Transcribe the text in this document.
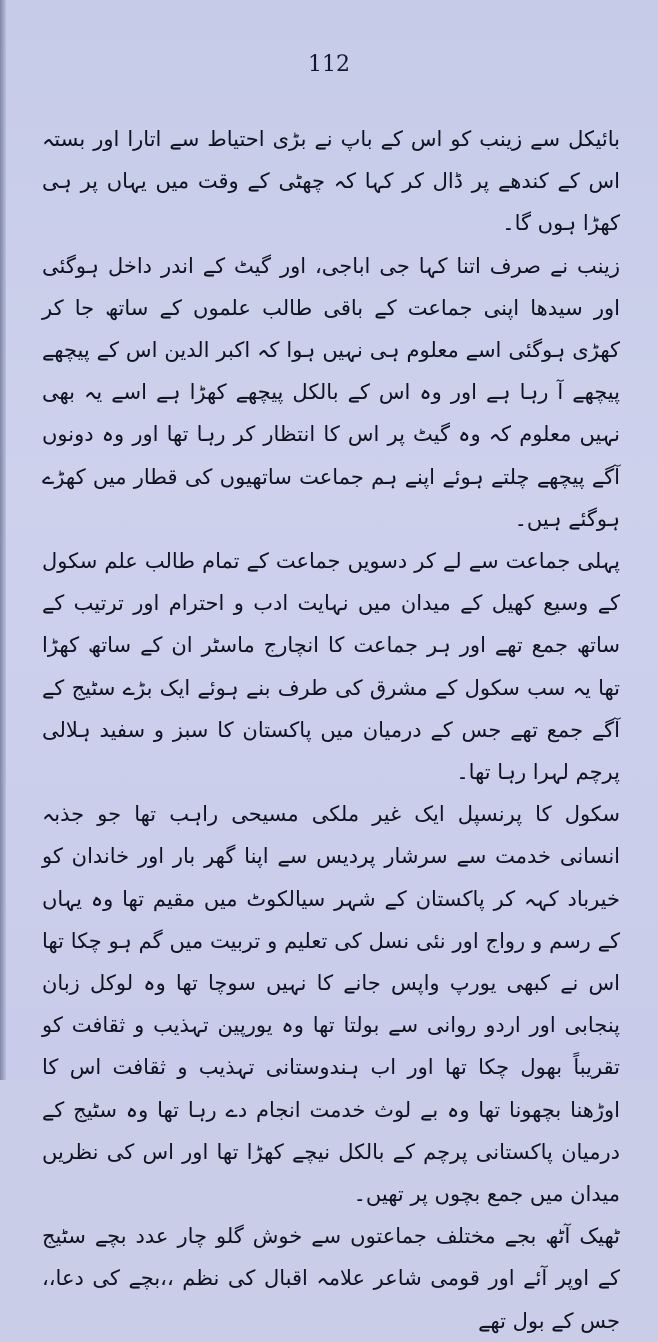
112

بائیکل سے زینب کو اس کے باپ نے بڑی احتیاط سے اتارا اور بستہ اس کے کندھے پر ڈال کر کہا کہ چھٹی کے وقت میں یہاں پر ہی کھڑا ہوں گا۔

زینب نے صرف اتنا کہا جی اباجی، اور گیٹ کے اندر داخل ہوگئی اور سیدھا اپنی جماعت کے باقی طالب علموں کے ساتھ جا کر کھڑی ہوگئی اسے معلوم ہی نہیں ہوا کہ اکبر الدین اس کے پیچھے پیچھے آ رہا ہے اور وہ اس کے بالکل پیچھے کھڑا ہے اسے یہ بھی نہیں معلوم کہ وہ گیٹ پر اس کا انتظار کر رہا تھا اور وہ دونوں آگے پیچھے چلتے ہوئے اپنے ہم جماعت ساتھیوں کی قطار میں کھڑے ہوگئے ہیں۔

پہلی جماعت سے لے کر دسویں جماعت کے تمام طالب علم سکول کے وسیع کھیل کے میدان میں نہایت ادب و احترام اور ترتیب کے ساتھ جمع تھے اور ہر جماعت کا انچارج ماسٹر ان کے ساتھ کھڑا تھا یہ سب سکول کے مشرق کی طرف بنے ہوئے ایک بڑے سٹیج کے آگے جمع تھے جس کے درمیان میں پاکستان کا سبز و سفید ہلالی پرچم لہرا رہا تھا۔

سکول کا پرنسپل ایک غیر ملکی مسیحی راہب تھا جو جذبہ انسانی خدمت سے سرشار پردیس سے اپنا گھر بار اور خاندان کو خیرباد کہہ کر پاکستان کے شہر سیالکوٹ میں مقیم تھا وہ یہاں کے رسم و رواج اور نئی نسل کی تعلیم و تربیت میں گم ہو چکا تھا اس نے کبھی یورپ واپس جانے کا نہیں سوچا تھا وہ لوکل زبان پنجابی اور اردو روانی سے بولتا تھا وہ یورپین تہذیب و ثقافت کو تقریباً بھول چکا تھا اور اب ہندوستانی تہذیب و ثقافت اس کا اوڑھنا بچھونا تھا وہ بے لوث خدمت انجام دے رہا تھا وہ سٹیج کے درمیان پاکستانی پرچم کے بالکل نیچے کھڑا تھا اور اس کی نظریں میدان میں جمع بچوں پر تھیں۔

ٹھیک آٹھ بجے مختلف جماعتوں سے خوش گلو چار عدد بچے سٹیج کے اوپر آئے اور قومی شاعر علامہ اقبال کی نظم ،،بچے کی دعا،، جس کے بول تھے
